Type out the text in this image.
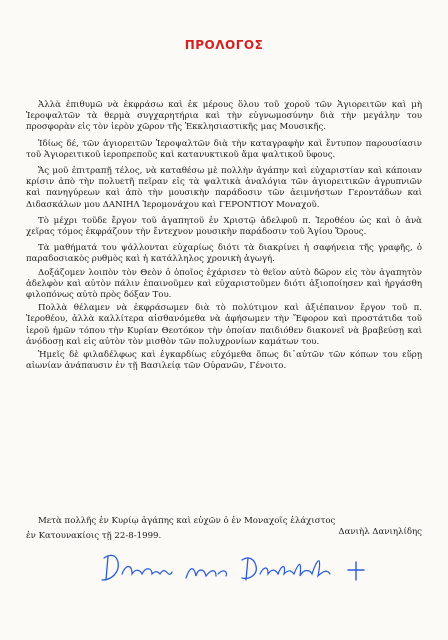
ΠΡΟΛΟΓΟΣ

Ἀλλὰ ἐπιθυμῶ νὰ ἐκφράσω καὶ ἐκ μέρους ὅλου τοῦ χοροῦ τῶν Ἁγιορειτῶν καὶ μὴ Ἱεροψαλτῶν τὰ θερμὰ συγχαρητήρια καὶ τὴν εὐγνωμοσύνην διὰ τὴν μεγάλην του προσφορὰν εἰς τὸν ἱερὸν χῶρον τῆς Ἐκκλησιαστικῆς μας Μουσικῆς.

Ἰδίως δέ, τῶν ἁγιορειτῶν Ἱεροψαλτῶν διὰ τὴν καταγραφὴν καὶ ἔντυπον παρουσίασιν τοῦ Ἁγιορειτικοῦ ἱεροπρεποῦς καὶ κατανυκτικοῦ ἄμα ψαλτικοῦ ὕφους.

Ἄς μοῦ ἐπιτραπῇ τέλος, νὰ καταθέσω μὲ πολλὴν ἀγάπην καὶ εὐχαριστίαν καὶ κάποιαν κρίσιν ἀπὸ τὴν πολυετῆ πεῖραν εἰς τὰ ψαλτικὰ ἀναλόγια τῶν ἁγιορειτικῶν ἀγρυπνιῶν καὶ πανηγύρεων καὶ ἀπὸ τὴν μουσικὴν παράδοσιν τῶν ἀειμνήστων Γεροντάδων καὶ Διδασκάλων μου ΔΑΝΙΗΛ Ἱερομονάχου καὶ ΓΕΡΟΝΤΙΟΥ Μοναχοῦ.

Τὸ μέχρι τοῦδε ἔργον τοῦ ἀγαπητοῦ ἐν Χριστῷ ἀδελφοῦ π. Ἱεροθέου ὡς καὶ ὁ ἀνὰ χεῖρας τόμος ἐκφράζουν τὴν ἔντεχνον μουσικὴν παράδοσιν τοῦ Ἁγίου Ὄρους.

Τὰ μαθήματά του ψάλλονται εὐχαρίως διότι τὰ διακρίνει ἡ σαφήνεια τῆς γραφῆς, ὁ παραδοσιακὸς ρυθμὸς καὶ ἡ κατάλληλος χρονικὴ ἀγωγή.

Δοξάζομεν λοιπὸν τὸν Θεὸν ὁ ὁποῖος ἐχάρισεν τὸ θεῖον αὐτὸ δῶρον εἰς τὸν ἀγαπητὸν ἀδελφὸν καὶ αὐτὸν πάλιν ἐπαινοῦμεν καὶ εὐχαριστοῦμεν διότι ἀξιοποίησεν καὶ ἠργάσθη φιλοπόνως αὐτὸ πρὸς δόξαν Του.

Πολλὰ θέλαμεν νὰ ἐκφράσωμεν διὰ τὸ πολύτιμον καὶ ἀξιέπαινον ἔργον τοῦ π. Ἱεροθέου, ἀλλὰ καλλίτερα αἰσθανόμεθα νὰ ἀφήσωμεν τὴν Ἔφορον καὶ προστάτιδα τοῦ ἱεροῦ ἡμῶν τόπου τὴν Κυρίαν Θεοτόκον τὴν ὁποίαν παιδιόθεν διακονεῖ νὰ βραβεύσῃ καὶ ἀνόδοσῃ καὶ εἰς αὐτὸν τὸν μισθὸν τῶν πολυχρονίων καμάτων του.

Ἡμεῖς δὲ φιλαδέλφως καὶ ἐγκαρδίως εὐχόμεθα ὅπως δι᾽αὐτῶν τῶν κόπων του εὕρῃ αἰωνίαν ἀνάπαυσιν ἐν τῇ Βασιλείᾳ τῶν Οὐρανῶν, Γένοιτο.

Μετὰ πολλῆς ἐν Κυρίῳ ἀγάπης καὶ εὐχῶν ὁ ἐν Μοναχοῖς ἐλάχιστος
Δανιὴλ Δανιηλίδης
ἐν Κατουνακίοις τῇ 22-8-1999.
